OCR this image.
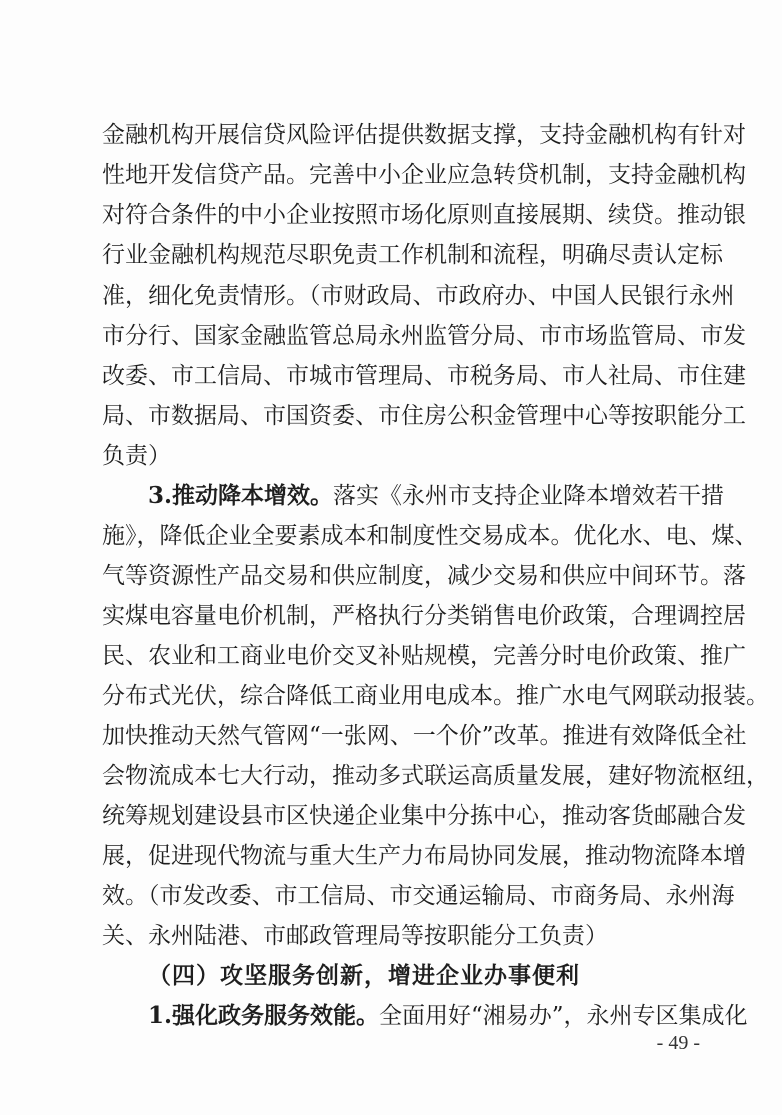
金融机构开展信贷风险评估提供数据支撑，支持金融机构有针对
性地开发信贷产品。完善中小企业应急转贷机制，支持金融机构
对符合条件的中小企业按照市场化原则直接展期、续贷。推动银
行业金融机构规范尽职免责工作机制和流程，明确尽责认定标
准，细化免责情形。（市财政局、市政府办、中国人民银行永州
市分行、国家金融监管总局永州监管分局、市市场监管局、市发
改委、市工信局、市城市管理局、市税务局、市人社局、市住建
局、市数据局、市国资委、市住房公积金管理中心等按职能分工
负责）
3.推动降本增效。落实《永州市支持企业降本增效若干措
施》，降低企业全要素成本和制度性交易成本。优化水、电、煤、
气等资源性产品交易和供应制度，减少交易和供应中间环节。落
实煤电容量电价机制，严格执行分类销售电价政策，合理调控居
民、农业和工商业电价交叉补贴规模，完善分时电价政策、推广
分布式光伏，综合降低工商业用电成本。推广水电气网联动报装。
加快推动天然气管网“一张网、一个价”改革。推进有效降低全社
会物流成本七大行动，推动多式联运高质量发展，建好物流枢纽，
统筹规划建设县市区快递企业集中分拣中心，推动客货邮融合发
展，促进现代物流与重大生产力布局协同发展，推动物流降本增
效。（市发改委、市工信局、市交通运输局、市商务局、永州海
关、永州陆港、市邮政管理局等按职能分工负责）
（四）攻坚服务创新，增进企业办事便利
1.强化政务服务效能。全面用好“湘易办”，永州专区集成化
- 49 -
